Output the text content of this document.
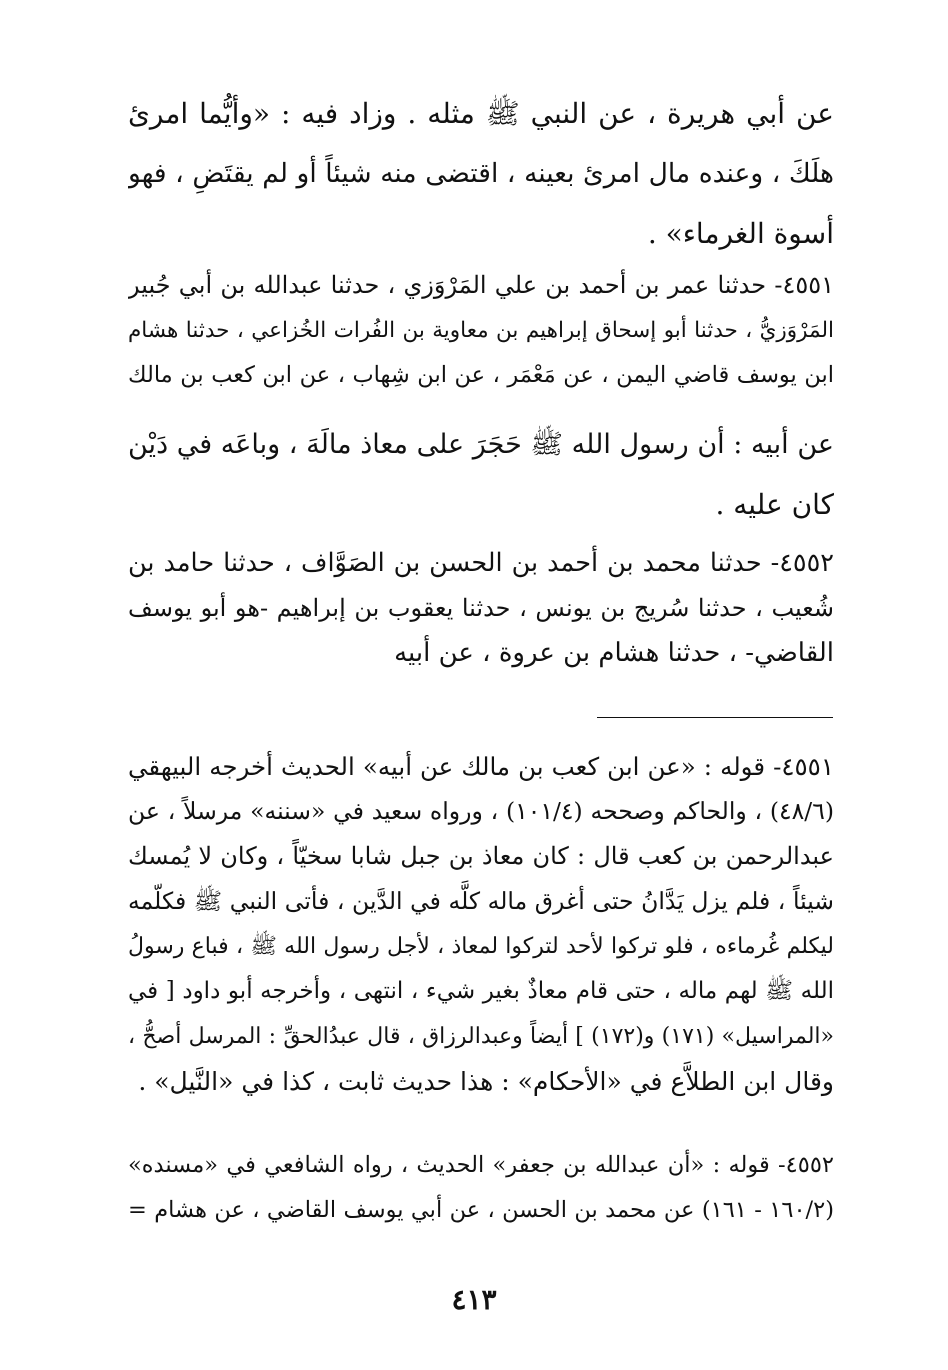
عن أبي هريرة ، عن النبي ﷺ مثله . وزاد فيه : «وأيُّما امرئ
هلَكَ ، وعنده مال امرئ بعينه ، اقتضى منه شيئاً أو لم يقتَضِ ، فهو
أسوة الغرماء» .
٤٥٥١- حدثنا عمر بن أحمد بن علي المَرْوَزي ، حدثنا عبدالله بن أبي جُبير
المَرْوَزيُّ ، حدثنا أبو إسحاق إبراهيم بن معاوية بن الفُرات الخُزاعي ، حدثنا هشام
ابن يوسف قاضي اليمن ، عن مَعْمَر ، عن ابن شِهاب ، عن ابن كعب بن مالك
عن أبيه : أن رسول الله ﷺ حَجَرَ على معاذ مالَهَ ، وباعَه في دَيْن
كان عليه .
٤٥٥٢- حدثنا محمد بن أحمد بن الحسن بن الصَوَّاف ، حدثنا حامد بن
شُعيب ، حدثنا سُريج بن يونس ، حدثنا يعقوب بن إبراهيم -هو أبو يوسف
القاضي- ، حدثنا هشام بن عروة ، عن أبيه
٤٥٥١- قوله : «عن ابن كعب بن مالك عن أبيه» الحديث أخرجه البيهقي
(٤٨/٦) ، والحاكم وصححه (١٠١/٤) ، ورواه سعيد في «سننه» مرسلاً ، عن
عبدالرحمن بن كعب قال : كان معاذ بن جبل شابا سخيّاً ، وكان لا يُمسك
شيئاً ، فلم يزل يَدَّانُ حتى أغرق ماله كلَّه في الدَّين ، فأتى النبي ﷺ فكلّمه
ليكلم غُرماءه ، فلو تركوا لأحد لتركوا لمعاذ ، لأجل رسول الله ﷺ ، فباع رسولُ
الله ﷺ لهم ماله ، حتى قام معاذٌ بغير شيء ، انتهى ، وأخرجه أبو داود [ في
«المراسيل» (١٧١) و(١٧٢) ] أيضاً وعبدالرزاق ، قال عبدُالحقِّ : المرسل أصحُّ ،
وقال ابن الطلاَّع في «الأحكام» : هذا حديث ثابت ، كذا في «النَّيل» .
٤٥٥٢- قوله : «أن عبدالله بن جعفر» الحديث ، رواه الشافعي في «مسنده»
(١٦٠/٢ - ١٦١) عن محمد بن الحسن ، عن أبي يوسف القاضي ، عن هشام =
٤١٣
